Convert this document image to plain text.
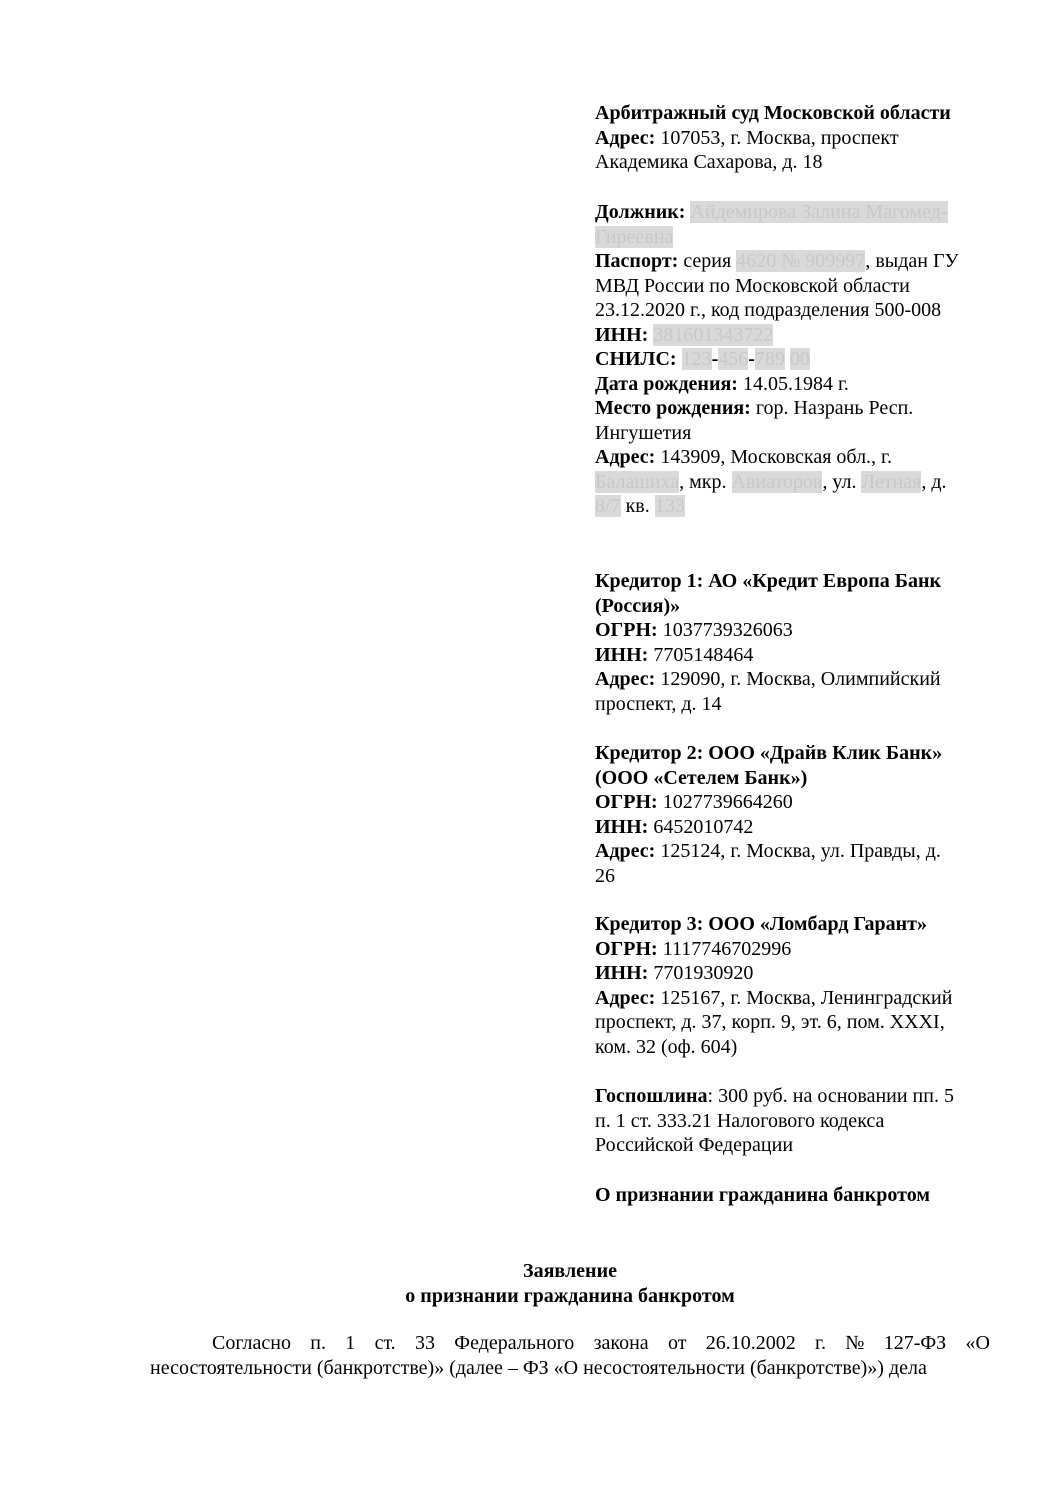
Арбитражный суд Московской области
Адрес: 107053, г. Москва, проспект
Академика Сахарова, д. 18
Должник: Айдемирова Залина Магомед-
Гиреевна
Паспорт: серия 4620 № 909997, выдан ГУ
МВД России по Московской области
23.12.2020 г., код подразделения 500-008
ИНН: 381601343722
СНИЛС: 123-456-789 00
Дата рождения: 14.05.1984 г.
Место рождения: гор. Назрань Респ.
Ингушетия
Адрес: 143909, Московская обл., г.
Балашиха, мкр. Авиаторов, ул. Летная, д.
8/7 кв. 133
Кредитор 1: АО «Кредит Европа Банк
(Россия)»
ОГРН: 1037739326063
ИНН: 7705148464
Адрес: 129090, г. Москва, Олимпийский
проспект, д. 14
Кредитор 2: ООО «Драйв Клик Банк»
(ООО «Сетелем Банк»)
ОГРН: 1027739664260
ИНН: 6452010742
Адрес: 125124, г. Москва, ул. Правды, д.
26
Кредитор 3: ООО «Ломбард Гарант»
ОГРН: 1117746702996
ИНН: 7701930920
Адрес: 125167, г. Москва, Ленинградский
проспект, д. 37, корп. 9, эт. 6, пом. XXXI,
ком. 32 (оф. 604)
Госпошлина: 300 руб. на основании пп. 5
п. 1 ст. 333.21 Налогового кодекса
Российской Федерации
О признании гражданина банкротом
Заявление
о признании гражданина банкротом
Согласно п. 1 ст. 33 Федерального закона от 26.10.2002 г. № 127-ФЗ «О
несостоятельности (банкротстве)» (далее – ФЗ «О несостоятельности (банкротстве)») дела
